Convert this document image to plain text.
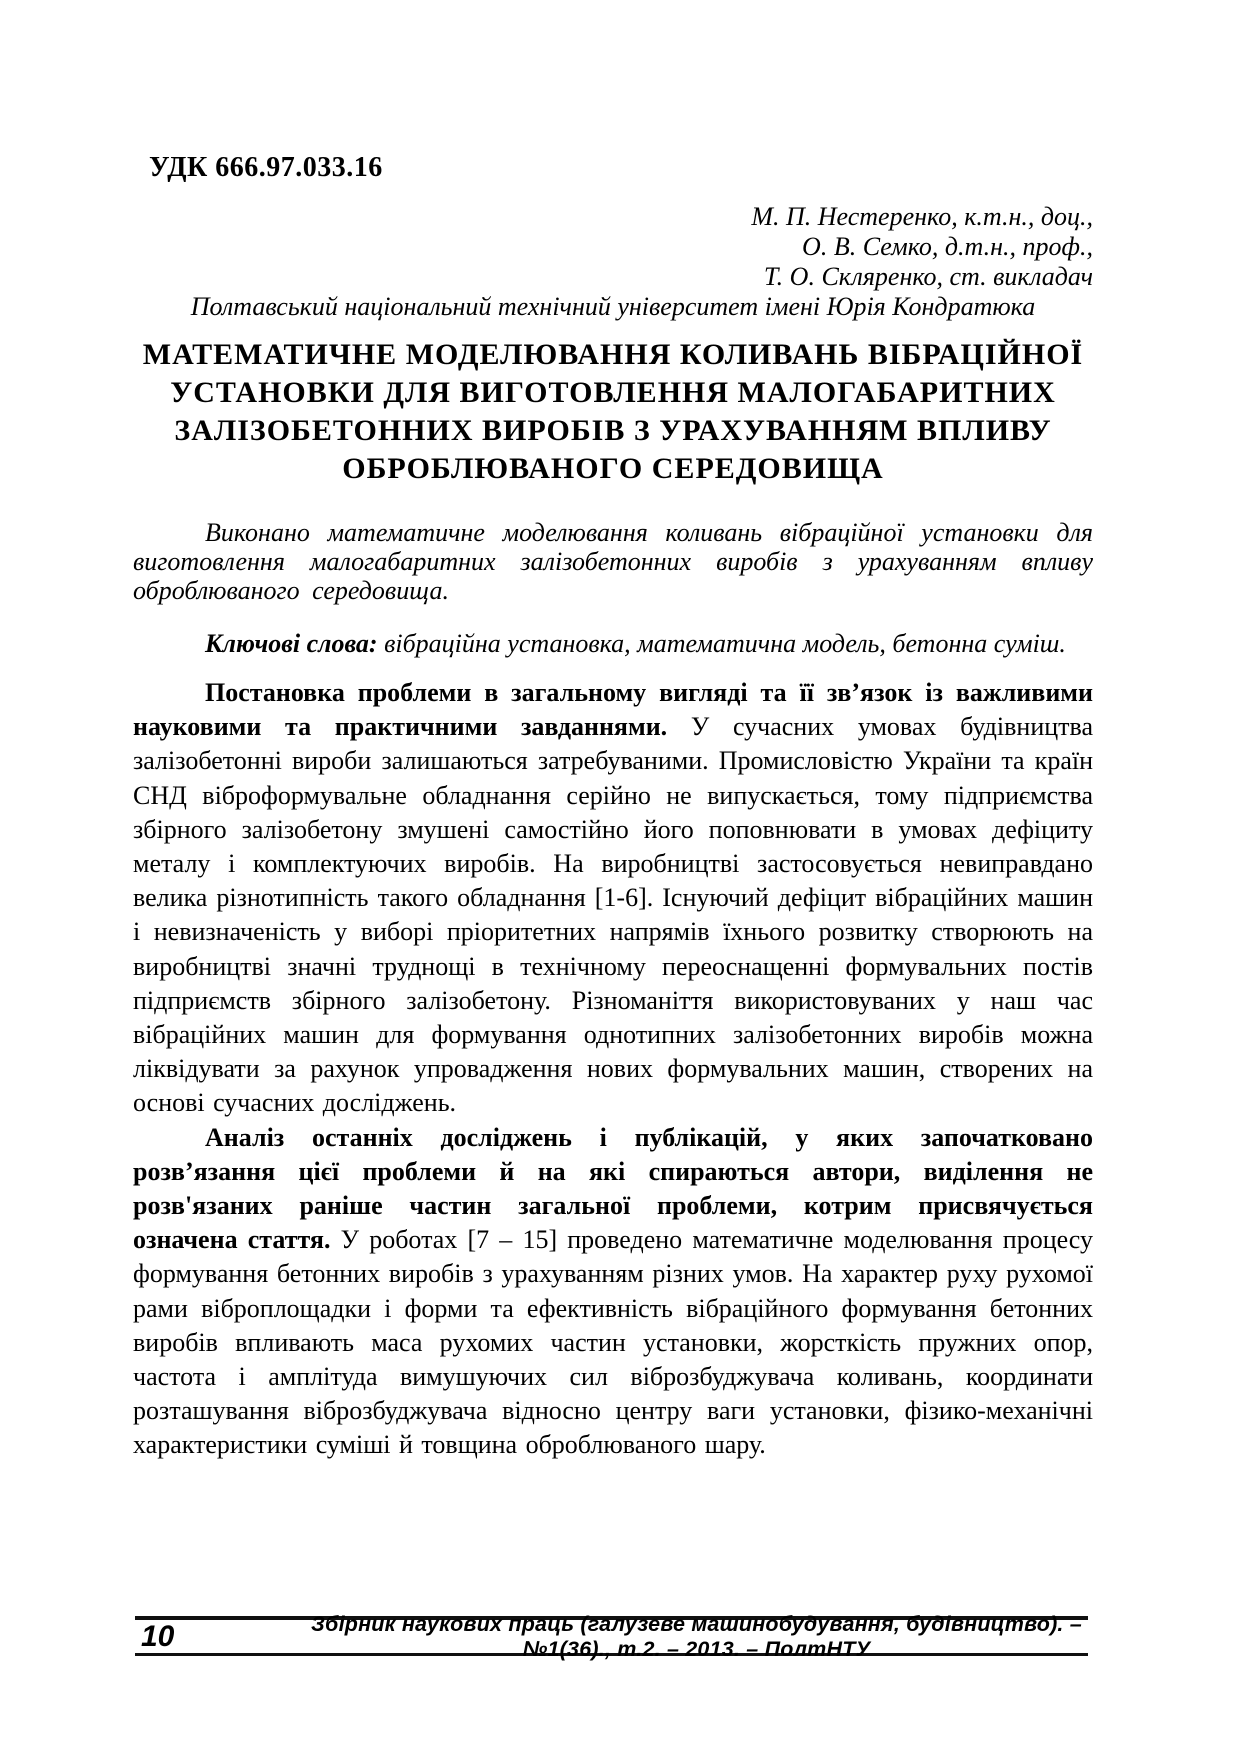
УДК 666.97.033.16
М. П. Нестеренко, к.т.н., доц.,
О. В. Семко, д.т.н., проф.,
Т. О. Скляренко, ст. викладач
Полтавський національний технічний університет імені Юрія Кондратюка
МАТЕМАТИЧНЕ МОДЕЛЮВАННЯ КОЛИВАНЬ ВІБРАЦІЙНОЇ
УСТАНОВКИ ДЛЯ ВИГОТОВЛЕННЯ МАЛОГАБАРИТНИХ
ЗАЛІЗОБЕТОННИХ ВИРОБІВ З УРАХУВАННЯМ ВПЛИВУ
ОБРОБЛЮВАНОГО СЕРЕДОВИЩА

Виконано математичне моделювання коливань вібраційної установки для виготовлення малогабаритних залізобетонних виробів з урахуванням впливу оброблюваного середовища.

Ключові слова: вібраційна установка, математична модель, бетонна суміш.

Постановка проблеми в загальному вигляді та її зв’язок із важливими науковими та практичними завданнями. У сучасних умовах будівництва залізобетонні вироби залишаються затребуваними. Промисловістю України та країн СНД віброформувальне обладнання серійно не випускається, тому підприємства збірного залізобетону змушені самостійно його поповнювати в умовах дефіциту металу і комплектуючих виробів. На виробництві застосовується невиправдано велика різнотипність такого обладнання [1-6]. Існуючий дефіцит вібраційних машин і невизначеність у виборі пріоритетних напрямів їхнього розвитку створюють на виробництві значні труднощі в технічному переоснащенні формувальних постів підприємств збірного залізобетону. Різноманіття використовуваних у наш час вібраційних машин для формування однотипних залізобетонних виробів можна ліквідувати за рахунок упровадження нових формувальних машин, створених на основі сучасних досліджень.

Аналіз останніх досліджень і публікацій, у яких започатковано розв’язання цієї проблеми й на які спираються автори, виділення не розв'язаних раніше частин загальної проблеми, котрим присвячується означена стаття. У роботах [7 – 15] проведено математичне моделювання процесу формування бетонних виробів з урахуванням різних умов. На характер руху рухомої рами віброплощадки і форми та ефективність вібраційного формування бетонних виробів впливають маса рухомих частин установки, жорсткість пружних опор, частота і амплітуда вимушуючих сил віброзбуджувача коливань, координати розташування віброзбуджувача відносно центру ваги установки, фізико-механічні характеристики суміші й товщина оброблюваного шару.

10	Збірник наукових праць (галузеве машинобудування, будівництво). – №1(36)., т.2. – 2013. – ПолтНТУ
